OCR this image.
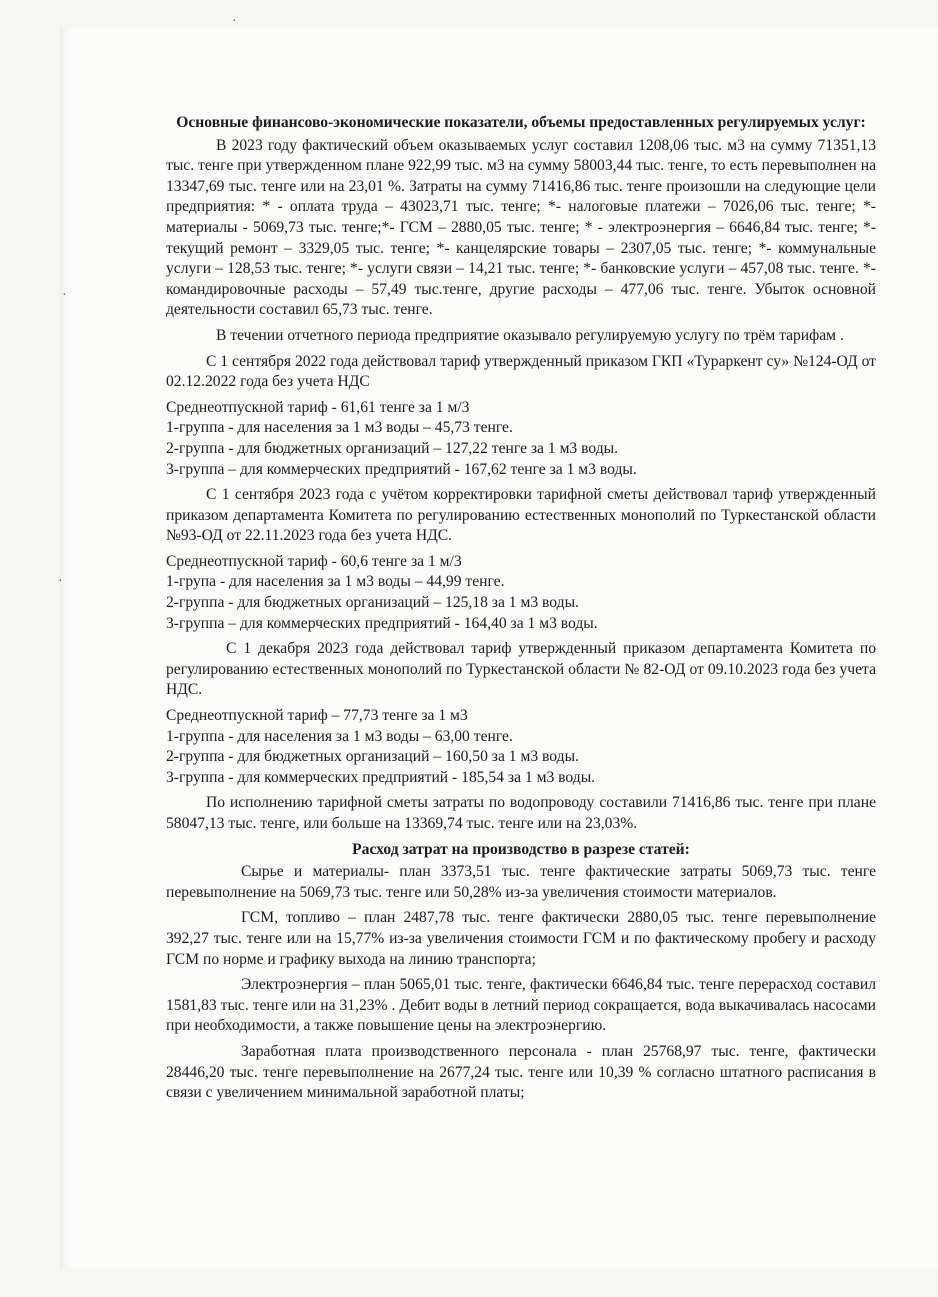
·
·
·

Основные финансово-экономические показатели, объемы предоставленных регулируемых услуг:

В 2023 году фактический объем оказываемых услуг составил 1208,06 тыс. м3 на сумму 71351,13 тыс. тенге при утвержденном плане 922,99 тыс. м3 на сумму 58003,44 тыс. тенге, то есть перевыполнен на 13347,69 тыс. тенге или на 23,01 %. Затраты на сумму 71416,86 тыс. тенге произошли на следующие цели предприятия: * - оплата труда – 43023,71 тыс. тенге; *- налоговые платежи – 7026,06 тыс. тенге; *- материалы - 5069,73 тыс. тенге;*- ГСМ – 2880,05 тыс. тенге; * - электроэнергия – 6646,84 тыс. тенге; *-текущий ремонт – 3329,05 тыс. тенге; *- канцелярские товары – 2307,05 тыс. тенге; *- коммунальные услуги – 128,53 тыс. тенге; *- услуги связи – 14,21 тыс. тенге; *- банковские услуги – 457,08 тыс. тенге. *- командировочные расходы – 57,49 тыс.тенге, другие расходы – 477,06 тыс. тенге. Убыток основной деятельности составил 65,73 тыс. тенге.

В течении отчетного периода предприятие оказывало регулируемую услугу по трём тарифам .

С 1 сентября 2022 года действовал тариф утвержденный приказом ГКП «Тураркент су» №124-ОД от 02.12.2022 года без учета НДС

Среднеотпускной тариф - 61,61 тенге за 1 м/3
1-группа - для населения за 1 м3 воды – 45,73 тенге.
2-группа - для бюджетных организаций – 127,22 тенге за 1 м3 воды.
3-группа – для коммерческих предприятий - 167,62 тенге за 1 м3 воды.

С 1 сентября 2023 года с учётом корректировки тарифной сметы действовал тариф утвержденный приказом департамента Комитета по регулированию естественных монополий по Туркестанской области №93-ОД от 22.11.2023 года без учета НДС.

Среднеотпускной тариф - 60,6 тенге за 1 м/3
1-група - для населения за 1 м3 воды – 44,99 тенге.
2-группа - для бюджетных организаций – 125,18 за 1 м3 воды.
3-группа – для коммерческих предприятий - 164,40 за 1 м3 воды.

С 1 декабря 2023 года действовал тариф утвержденный приказом департамента Комитета по регулированию естественных монополий по Туркестанской области № 82-ОД от 09.10.2023 года без учета НДС.

Среднеотпускной тариф – 77,73 тенге за 1 м3
1-группа - для населения за 1 м3 воды – 63,00 тенге.
2-группа - для бюджетных организаций – 160,50 за 1 м3 воды.
3-группа - для коммерческих предприятий - 185,54 за 1 м3 воды.

По исполнению тарифной сметы затраты по водопроводу составили 71416,86 тыс. тенге при плане 58047,13 тыс. тенге, или больше на 13369,74 тыс. тенге или на 23,03%.

Расход затрат на производство в разрезе статей:

Сырье и материалы- план 3373,51 тыс. тенге фактические затраты 5069,73 тыс. тенге перевыполнение на 5069,73 тыс. тенге или 50,28% из-за увеличения стоимости материалов.

ГСМ, топливо – план 2487,78 тыс. тенге фактически 2880,05 тыс. тенге перевыполнение 392,27 тыс. тенге или на 15,77% из-за увеличения стоимости ГСМ и по фактическому пробегу и расходу ГСМ по норме и графику выхода на линию транспорта;

Электроэнергия – план 5065,01 тыс. тенге, фактически 6646,84 тыс. тенге перерасход составил 1581,83 тыс. тенге или на 31,23% . Дебит воды в летний период сокращается, вода выкачивалась насосами при необходимости, а также повышение цены на электроэнергию.

Заработная плата производственного персонала - план 25768,97 тыс. тенге, фактически 28446,20 тыс. тенге перевыполнение на 2677,24 тыс. тенге или 10,39 % согласно штатного расписания в связи с увеличением минимальной заработной платы;
